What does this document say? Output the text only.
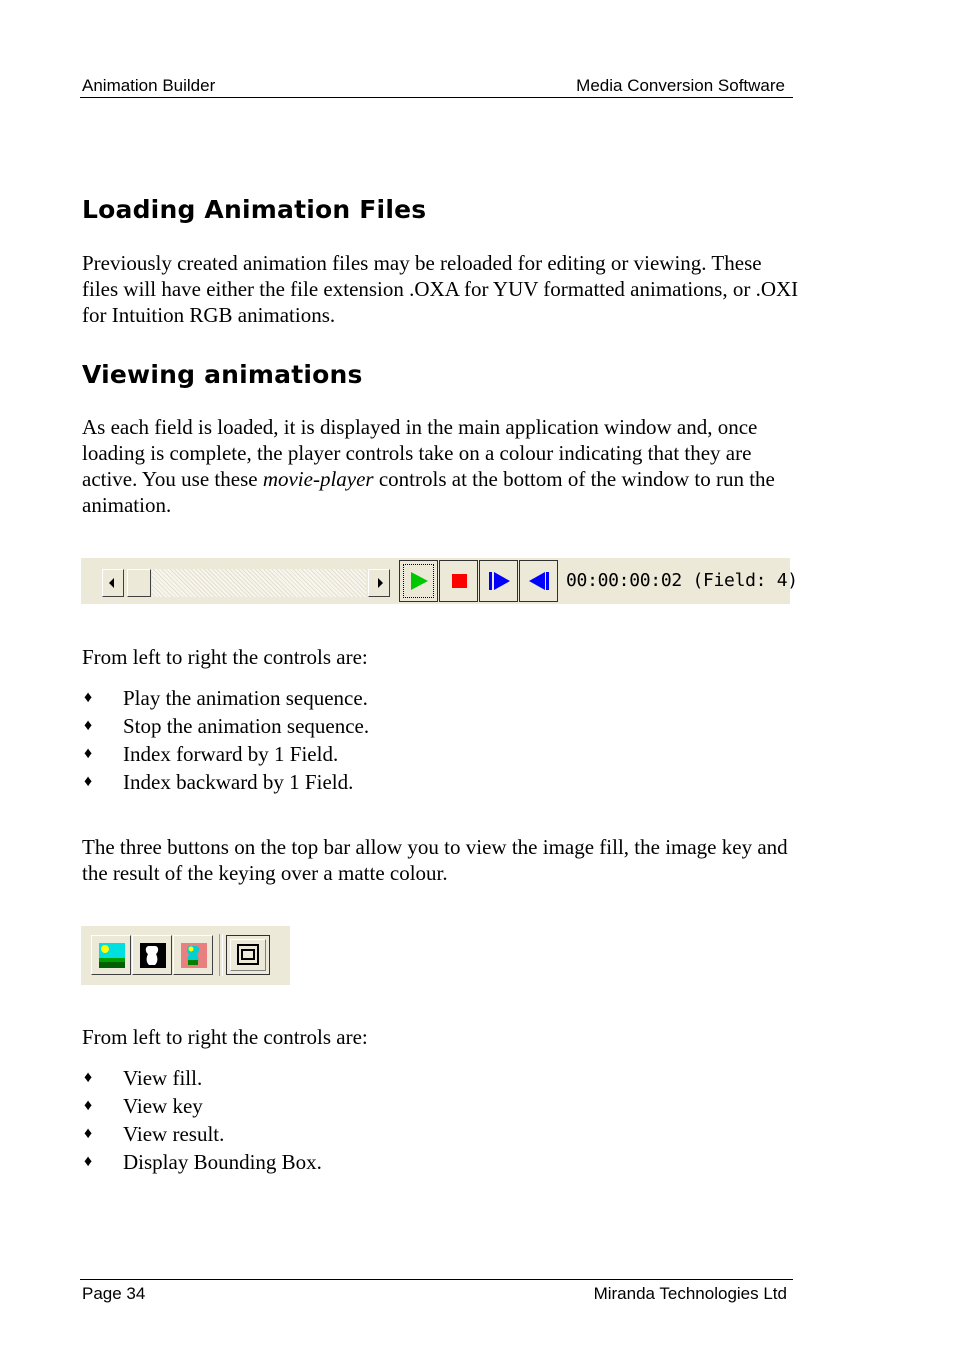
Animation Builder	Media Conversion Software
Loading Animation Files

Previously created animation files may be reloaded for editing or viewing. These files will have either the file extension .OXA for YUV formatted animations, or .OXI for Intuition RGB animations.

Viewing animations

As each field is loaded, it is displayed in the main application window and, once loading is complete, the player controls take on a colour indicating that they are active. You use these movie-player controls at the bottom of the window to run the animation.

00:00:00:02 (Field: 4)

From left to right the controls are:

♦ Play the animation sequence.
♦ Stop the animation sequence.
♦ Index forward by 1 Field.
♦ Index backward by 1 Field.

The three buttons on the top bar allow you to view the image fill, the image key and the result of the keying over a matte colour.

From left to right the controls are:

♦ View fill.
♦ View key
♦ View result.
♦ Display Bounding Box.
Page 34	Miranda Technologies Ltd
